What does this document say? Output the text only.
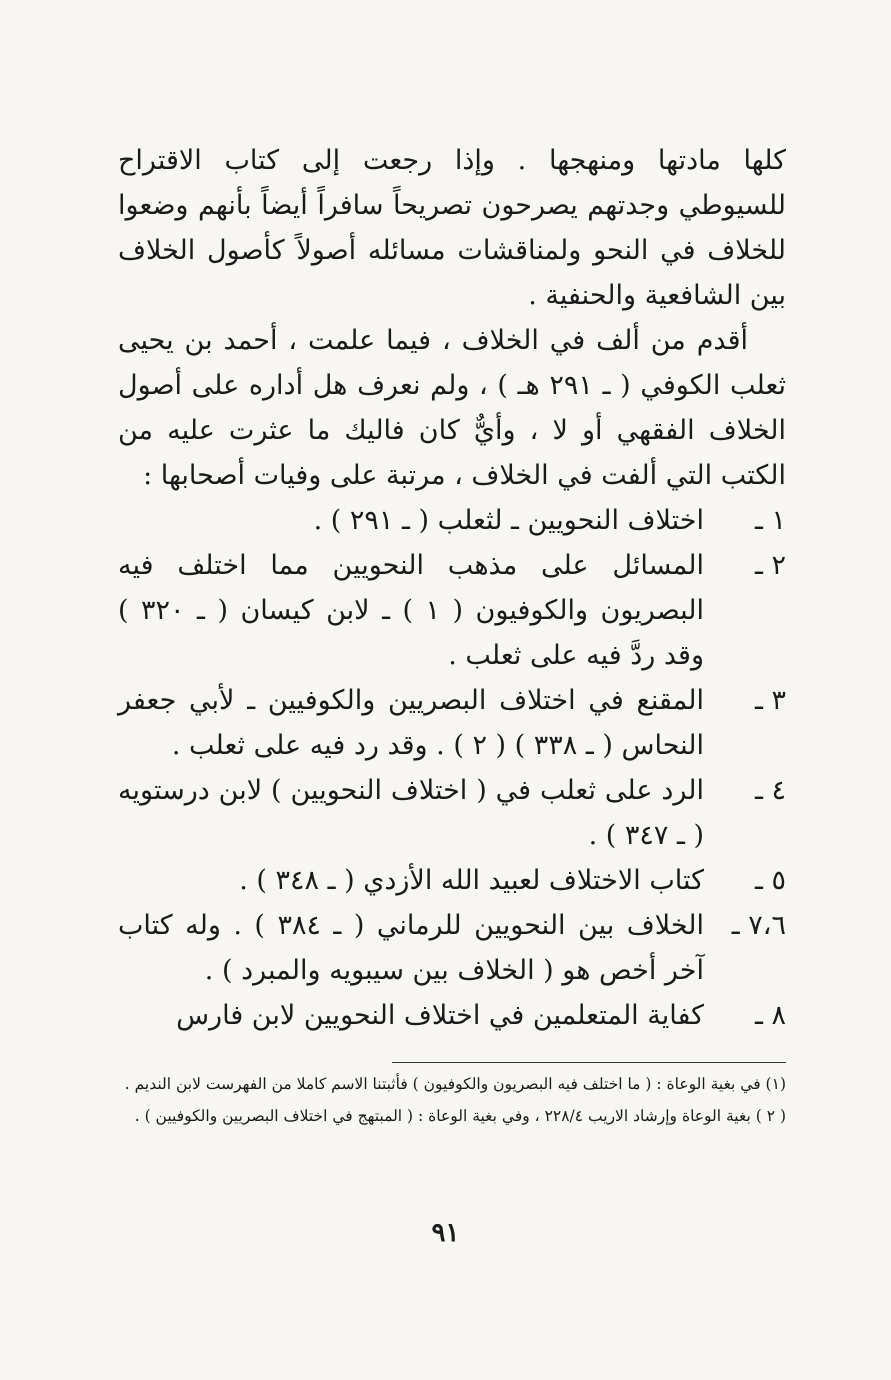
كلها مادتها ومنهجها . وإذا رجعت إلى كتاب الاقتراح للسيوطي وجدتهم يصرحون تصريحاً سافراً أيضاً بأنهم وضعوا للخلاف في النحو ولمناقشات مسائله أصولاً كأصول الخلاف بين الشافعية والحنفية .

أقدم من ألف في الخلاف ، فيما علمت ، أحمد بن يحيى ثعلب الكوفي ( ـ ٢٩١ هـ ) ، ولم نعرف هل أداره على أصول الخلاف الفقهي أو لا ، وأيٌّ كان فاليك ما عثرت عليه من الكتب التي ألفت في الخلاف ، مرتبة على وفيات أصحابها :

١ ـ
اختلاف النحويين ـ لثعلب ( ـ ٢٩١ ) .
٢ ـ
المسائل على مذهب النحويين مما اختلف فيه البصريون والكوفيون ( ١ ) ـ لابن كيسان ( ـ ٣٢٠ ) وقد ردَّ فيه على ثعلب .
٣ ـ
المقنع في اختلاف البصريين والكوفيين ـ لأبي جعفر النحاس ( ـ ٣٣٨ ) ( ٢ ) . وقد رد فيه على ثعلب .
٤ ـ
الرد على ثعلب في ( اختلاف النحويين ) لابن درستويه ( ـ ٣٤٧ ) .
٥ ـ
كتاب الاختلاف لعبيد الله الأزدي ( ـ ٣٤٨ ) .
٧،٦ ـ
الخلاف بين النحويين للرماني ( ـ ٣٨٤ ) . وله كتاب آخر أخص هو ( الخلاف بين سيبويه والمبرد ) .
٨ ـ
كفاية المتعلمين في اختلاف النحويين لابن فارس

(١) في بغية الوعاة : ( ما اختلف فيه البصريون والكوفيون ) فأثبتنا الاسم كاملا من الفهرست لابن النديم .

( ٢ ) بغية الوعاة وإرشاد الاريب ٢٢٨/٤ ، وفي بغية الوعاة : ( المبتهج في اختلاف البصريين والكوفيين ) .

٩١
